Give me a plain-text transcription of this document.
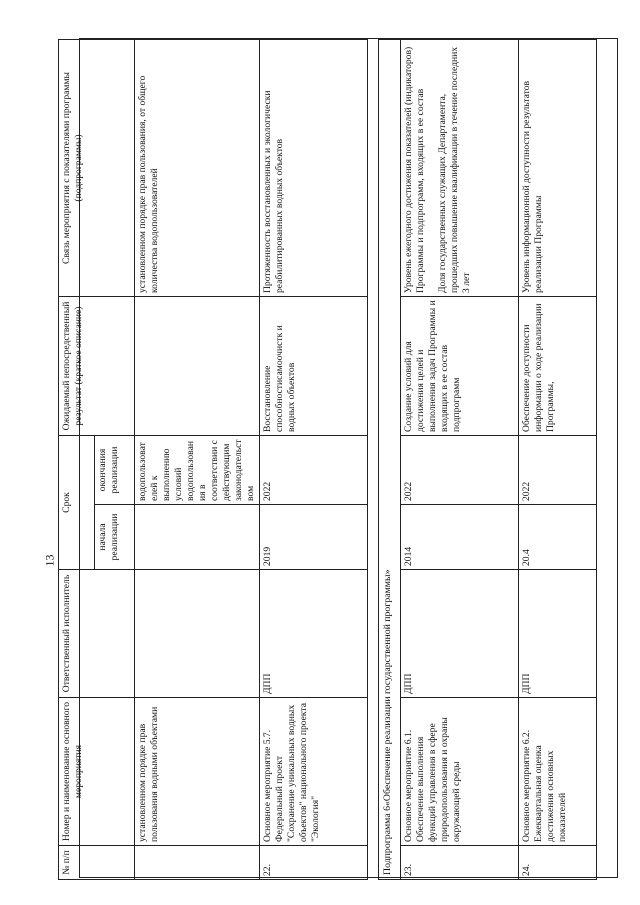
13
№ п/п	Номер и наименование основного мероприятия	Ответственный исполнитель	Срок		Ожидаемый непосредственный результат (краткое описание)	Связь мероприятия с показателями программы (подпрограммы)
			начала реализации	окончания реализации		
	установленном порядке прав пользования водными объектами			водопользователей к выполнению условий водопользования в соответствии с действующим законодательством		установленном порядке прав пользования, от общего количества водопользователей
22.	Основное мероприятие 5.7. Федеральный проект "Сохранение уникальных водных объектов" национального проекта "Экология"	ДПП	2019	2022	Восстановление способностисамоочистк и водных объектов	Протяженность восстановленных и экологически реабилитированных водных объектов

Подпрограмма 6«Обеспечение реализации государственной программы»						
23.	Основное мероприятие 6.1. Обеспечение выполнения функций управления в сфере природопользования и охраны окружающей среды	ДПП	2014	2022	Создание условий для достижения целей и выполнения задач Программы и входящих в ее состав подпрограмм	Уровень ежегодного достижения показателей (индикаторов) Программы и подпрограмм, входящих в ее состав Доля государственных служащих Департамента, прошедших повышение квалификации в течение последних 3 лет

24.	Основное мероприятие 6.2. Ежеквартальная оценка достижения основных показателей	ДПП	20.4	2022	Обеспечение доступности информации о ходе реализации Программы,	Уровень информационной доступности результатов реализации Программы
